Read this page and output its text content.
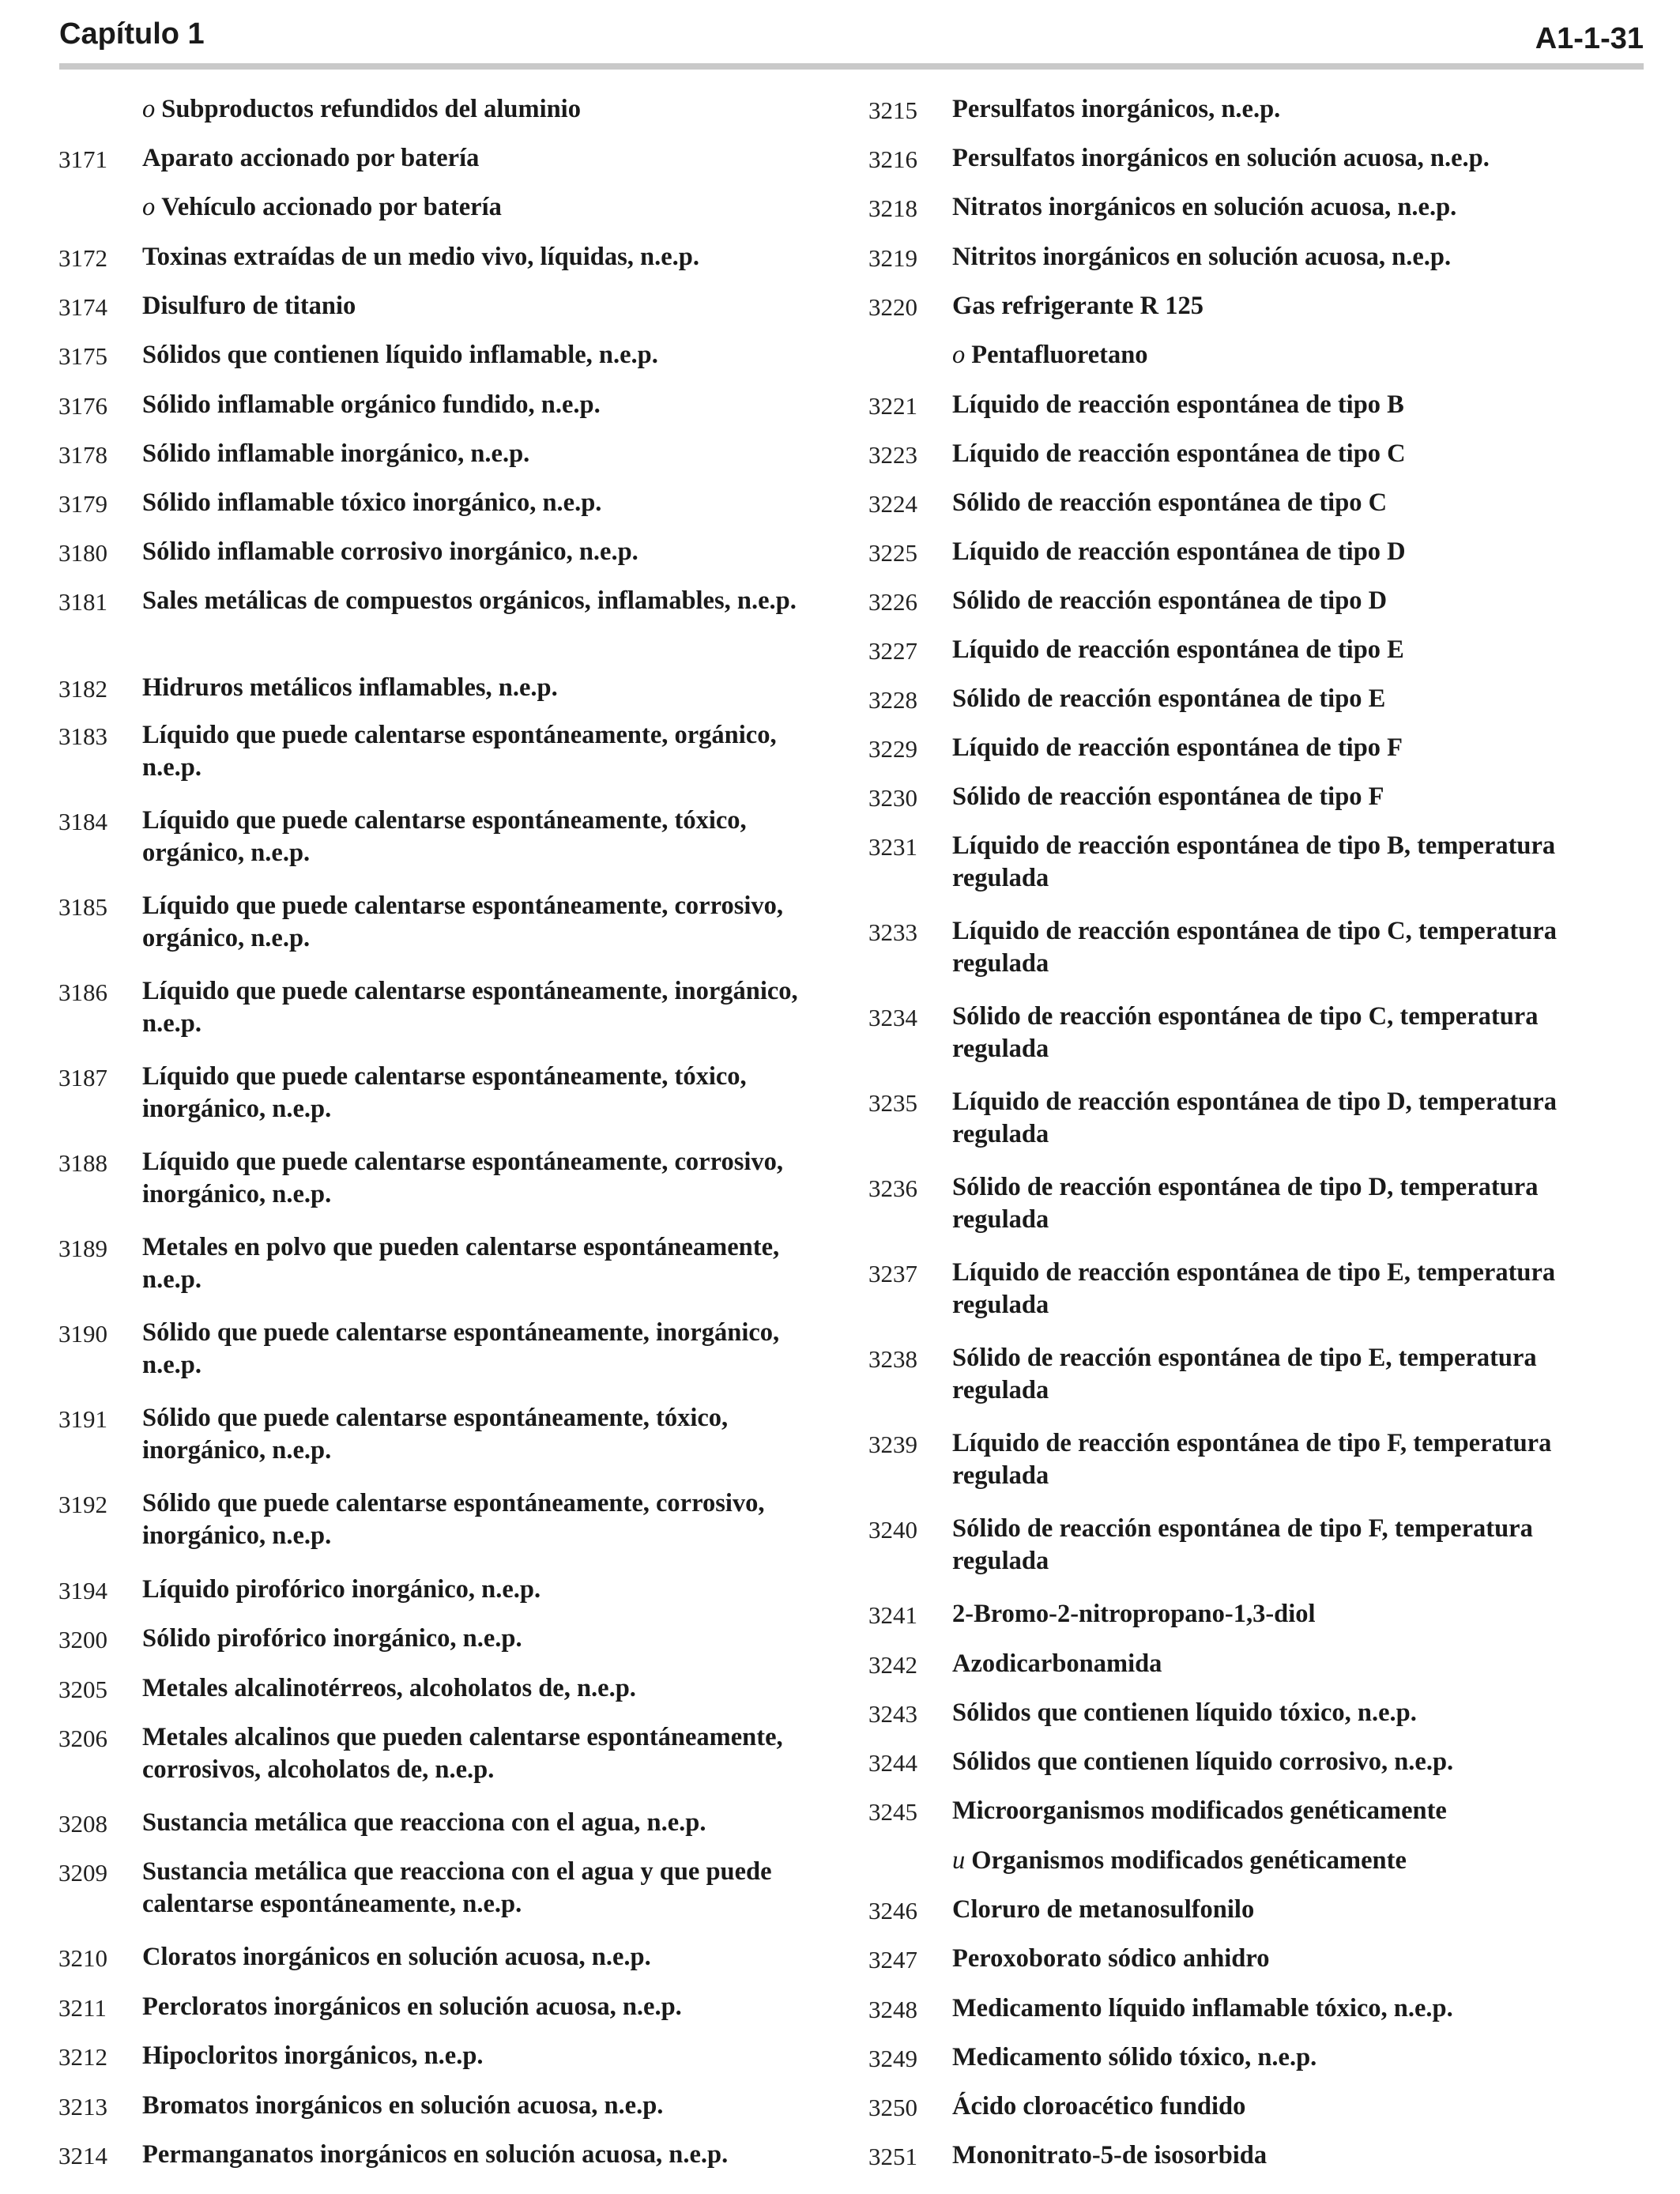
Capítulo 1	A1-1-31
o Subproductos refundidos del aluminio
3171 Aparato accionado por batería
o Vehículo accionado por batería
3172 Toxinas extraídas de un medio vivo, líquidas, n.e.p.
3174 Disulfuro de titanio
3175 Sólidos que contienen líquido inflamable, n.e.p.
3176 Sólido inflamable orgánico fundido, n.e.p.
3178 Sólido inflamable inorgánico, n.e.p.
3179 Sólido inflamable tóxico inorgánico, n.e.p.
3180 Sólido inflamable corrosivo inorgánico, n.e.p.
3181 Sales metálicas de compuestos orgánicos, inflamables, n.e.p.
3182 Hidruros metálicos inflamables, n.e.p.
3183 Líquido que puede calentarse espontáneamente, orgánico, n.e.p.
3184 Líquido que puede calentarse espontáneamente, tóxico, orgánico, n.e.p.
3185 Líquido que puede calentarse espontáneamente, corrosivo, orgánico, n.e.p.
3186 Líquido que puede calentarse espontáneamente, inorgánico, n.e.p.
3187 Líquido que puede calentarse espontáneamente, tóxico, inorgánico, n.e.p.
3188 Líquido que puede calentarse espontáneamente, corrosivo, inorgánico, n.e.p.
3189 Metales en polvo que pueden calentarse espontáneamente, n.e.p.
3190 Sólido que puede calentarse espontáneamente, inorgánico, n.e.p.
3191 Sólido que puede calentarse espontáneamente, tóxico, inorgánico, n.e.p.
3192 Sólido que puede calentarse espontáneamente, corrosivo, inorgánico, n.e.p.
3194 Líquido pirofórico inorgánico, n.e.p.
3200 Sólido pirofórico inorgánico, n.e.p.
3205 Metales alcalinotérreos, alcoholatos de, n.e.p.
3206 Metales alcalinos que pueden calentarse espontáneamente, corrosivos, alcoholatos de, n.e.p.
3208 Sustancia metálica que reacciona con el agua, n.e.p.
3209 Sustancia metálica que reacciona con el agua y que puede calentarse espontáneamente, n.e.p.
3210 Cloratos inorgánicos en solución acuosa, n.e.p.
3211 Percloratos inorgánicos en solución acuosa, n.e.p.
3212 Hipocloritos inorgánicos, n.e.p.
3213 Bromatos inorgánicos en solución acuosa, n.e.p.
3214 Permanganatos inorgánicos en solución acuosa, n.e.p.
3215 Persulfatos inorgánicos, n.e.p.
3216 Persulfatos inorgánicos en solución acuosa, n.e.p.
3218 Nitratos inorgánicos en solución acuosa, n.e.p.
3219 Nitritos inorgánicos en solución acuosa, n.e.p.
3220 Gas refrigerante R 125
o Pentafluoretano
3221 Líquido de reacción espontánea de tipo B
3223 Líquido de reacción espontánea de tipo C
3224 Sólido de reacción espontánea de tipo C
3225 Líquido de reacción espontánea de tipo D
3226 Sólido de reacción espontánea de tipo D
3227 Líquido de reacción espontánea de tipo E
3228 Sólido de reacción espontánea de tipo E
3229 Líquido de reacción espontánea de tipo F
3230 Sólido de reacción espontánea de tipo F
3231 Líquido de reacción espontánea de tipo B, temperatura regulada
3233 Líquido de reacción espontánea de tipo C, temperatura regulada
3234 Sólido de reacción espontánea de tipo C, temperatura regulada
3235 Líquido de reacción espontánea de tipo D, temperatura regulada
3236 Sólido de reacción espontánea de tipo D, temperatura regulada
3237 Líquido de reacción espontánea de tipo E, temperatura regulada
3238 Sólido de reacción espontánea de tipo E, temperatura regulada
3239 Líquido de reacción espontánea de tipo F, temperatura regulada
3240 Sólido de reacción espontánea de tipo F, temperatura regulada
3241 2-Bromo-2-nitropropano-1,3-diol
3242 Azodicarbonamida
3243 Sólidos que contienen líquido tóxico, n.e.p.
3244 Sólidos que contienen líquido corrosivo, n.e.p.
3245 Microorganismos modificados genéticamente
u Organismos modificados genéticamente
3246 Cloruro de metanosulfonilo
3247 Peroxoborato sódico anhidro
3248 Medicamento líquido inflamable tóxico, n.e.p.
3249 Medicamento sólido tóxico, n.e.p.
3250 Ácido cloroacético fundido
3251 Mononitrato-5-de isosorbida
